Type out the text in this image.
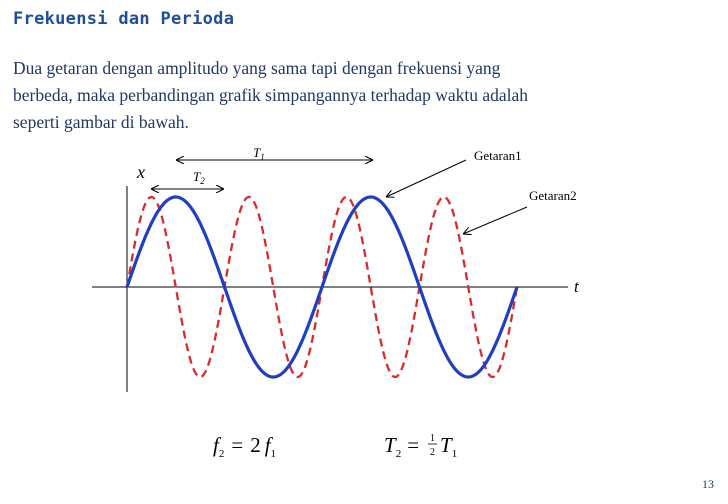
Frekuensi dan Perioda

Dua getaran dengan amplitudo yang sama tapi dengan frekuensi yang
berbeda, maka perbandingan grafik simpangannya terhadap waktu adalah
seperti gambar di bawah.

x
t
$T_1$
$T_2$
Getaran1
Getaran2
$f_2 = 2$ $f_1$	$T_2 = 1$
2 $T_1$
13
